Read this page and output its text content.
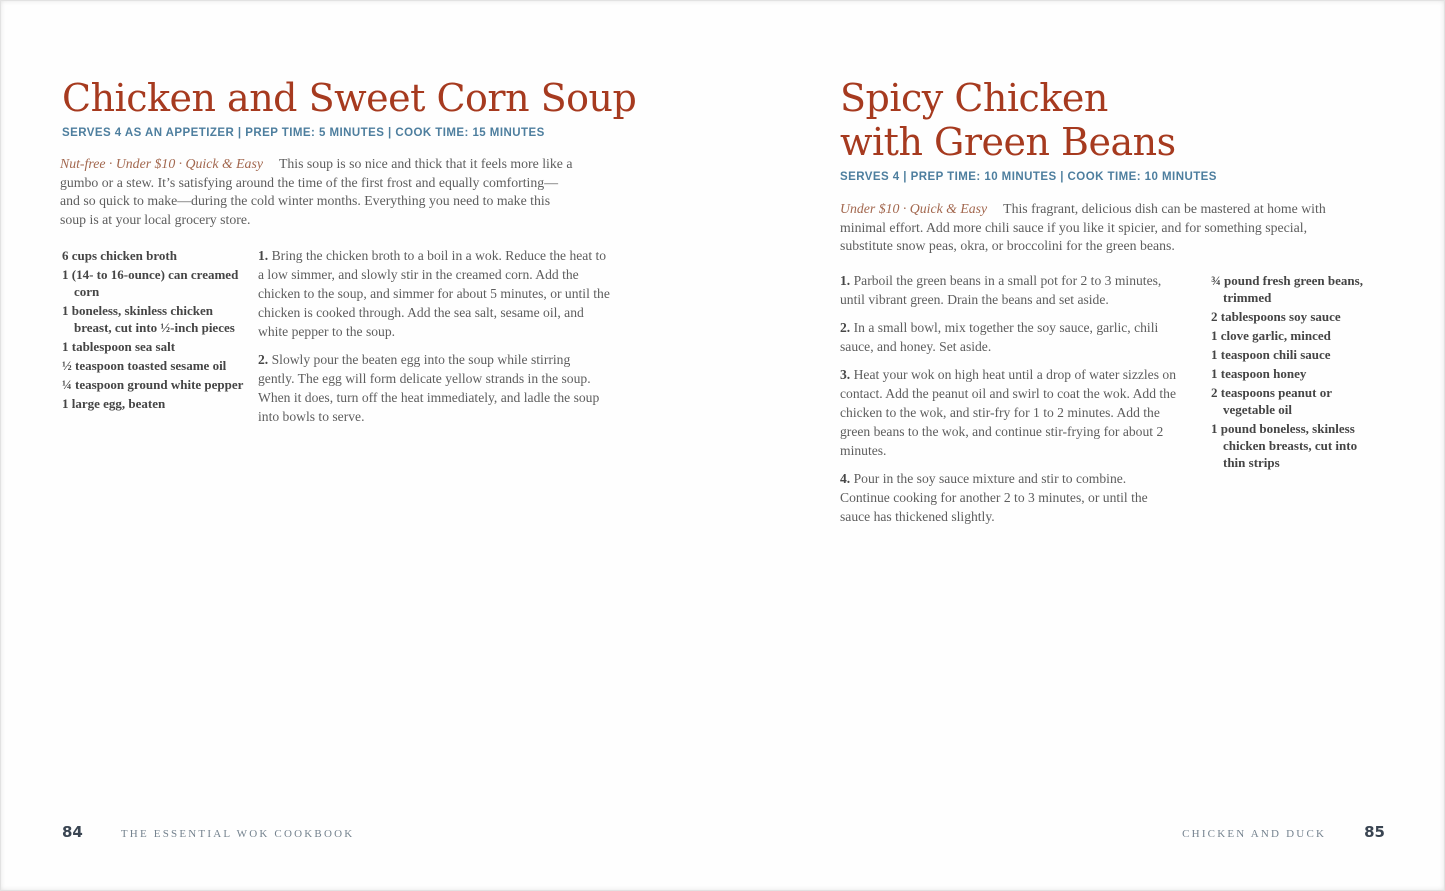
Chicken and Sweet Corn Soup
SERVES 4 AS AN APPETIZER | PREP TIME: 5 MINUTES | COOK TIME: 15 MINUTES

Nut-free · Under $10 · Quick & Easy This soup is so nice and thick that it feels more like a gumbo or a stew. It’s satisfying around the time of the first frost and equally comforting—and so quick to make—during the cold winter months. Everything you need to make this soup is at your local grocery store.

6 cups chicken broth
1 (14- to 16-ounce) can creamed corn
1 boneless, skinless chicken breast, cut into ½-inch pieces
1 tablespoon sea salt
½ teaspoon toasted sesame oil
¼ teaspoon ground white pepper
1 large egg, beaten

1. Bring the chicken broth to a boil in a wok. Reduce the heat to a low simmer, and slowly stir in the creamed corn. Add the chicken to the soup, and simmer for about 5 minutes, or until the chicken is cooked through. Add the sea salt, sesame oil, and white pepper to the soup.

2. Slowly pour the beaten egg into the soup while stirring gently. The egg will form delicate yellow strands in the soup. When it does, turn off the heat immediately, and ladle the soup into bowls to serve.

84	THE ESSENTIAL WOK COOKBOOK
Spicy Chicken
with Green Beans
SERVES 4 | PREP TIME: 10 MINUTES | COOK TIME: 10 MINUTES

Under $10 · Quick & Easy This fragrant, delicious dish can be mastered at home with minimal effort. Add more chili sauce if you like it spicier, and for something special, substitute snow peas, okra, or broccolini for the green beans.

1. Parboil the green beans in a small pot for 2 to 3 minutes, until vibrant green. Drain the beans and set aside.

2. In a small bowl, mix together the soy sauce, garlic, chili sauce, and honey. Set aside.

3. Heat your wok on high heat until a drop of water sizzles on contact. Add the peanut oil and swirl to coat the wok. Add the chicken to the wok, and stir-fry for 1 to 2 minutes. Add the green beans to the wok, and continue stir-frying for about 2 minutes.

4. Pour in the soy sauce mixture and stir to combine. Continue cooking for another 2 to 3 minutes, or until the sauce has thickened slightly.

¾ pound fresh green beans, trimmed
2 tablespoons soy sauce
1 clove garlic, minced
1 teaspoon chili sauce
1 teaspoon honey
2 teaspoons peanut or vegetable oil
1 pound boneless, skinless chicken breasts, cut into thin strips
CHICKEN AND DUCK	85
